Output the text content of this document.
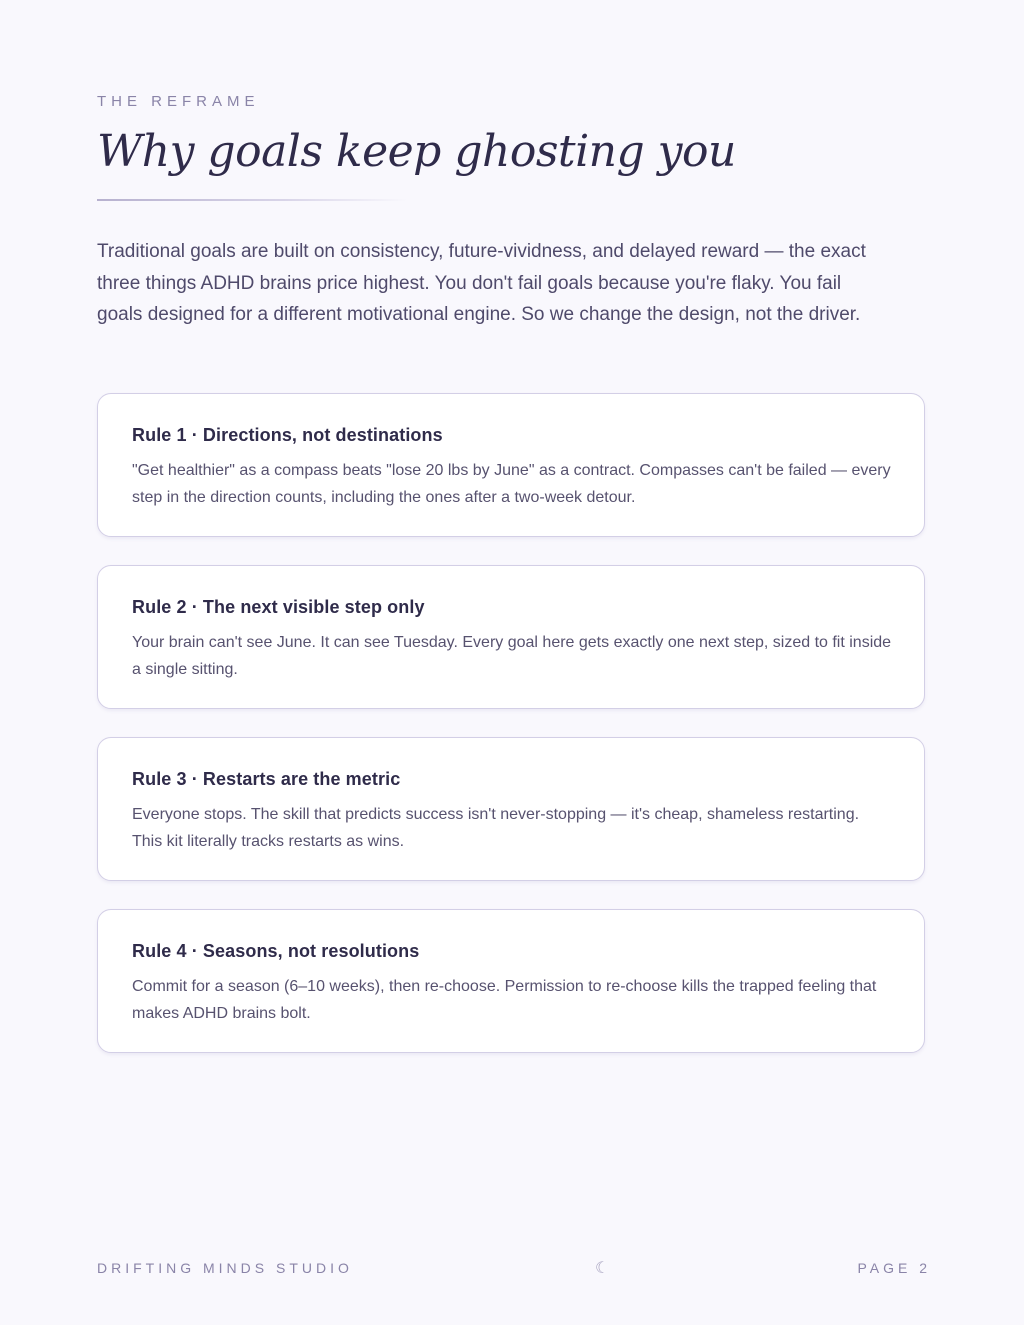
THE REFRAME
Why goals keep ghosting you

Traditional goals are built on consistency, future-vividness, and delayed reward — the exact three things ADHD brains price highest. You don't fail goals because you're flaky. You fail goals designed for a different motivational engine. So we change the design, not the driver.

Rule 1 · Directions, not destinations

"Get healthier" as a compass beats "lose 20 lbs by June" as a contract. Compasses can't be failed — every step in the direction counts, including the ones after a two-week detour.

Rule 2 · The next visible step only

Your brain can't see June. It can see Tuesday. Every goal here gets exactly one next step, sized to fit inside a single sitting.

Rule 3 · Restarts are the metric

Everyone stops. The skill that predicts success isn't never-stopping — it's cheap, shameless restarting. This kit literally tracks restarts as wins.

Rule 4 · Seasons, not resolutions

Commit for a season (6–10 weeks), then re-choose. Permission to re-choose kills the trapped feeling that makes ADHD brains bolt.

DRIFTING MINDS STUDIO	☾	PAGE 2
